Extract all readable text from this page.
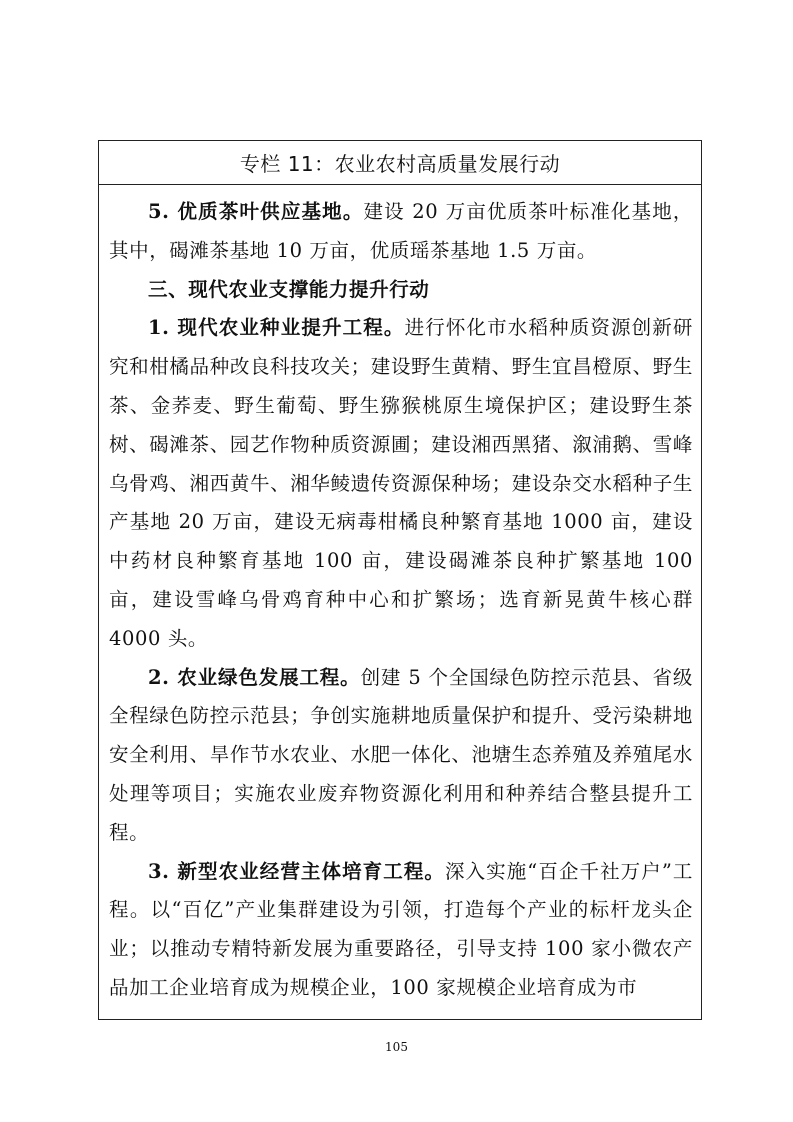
专栏 11：农业农村高质量发展行动

5. 优质茶叶供应基地。建设 20 万亩优质茶叶标准化基地，其中，碣滩茶基地 10 万亩，优质瑶茶基地 1.5 万亩。

三、现代农业支撑能力提升行动

1. 现代农业种业提升工程。进行怀化市水稻种质资源创新研究和柑橘品种改良科技攻关；建设野生黄精、野生宜昌橙原、野生茶、金荞麦、野生葡萄、野生猕猴桃原生境保护区；建设野生茶树、碣滩茶、园艺作物种质资源圃；建设湘西黑猪、溆浦鹅、雪峰乌骨鸡、湘西黄牛、湘华鲮遗传资源保种场；建设杂交水稻种子生产基地 20 万亩，建设无病毒柑橘良种繁育基地 1000 亩，建设中药材良种繁育基地 100 亩，建设碣滩茶良种扩繁基地 100 亩，建设雪峰乌骨鸡育种中心和扩繁场；选育新晃黄牛核心群 4000 头。

2. 农业绿色发展工程。创建 5 个全国绿色防控示范县、省级全程绿色防控示范县；争创实施耕地质量保护和提升、受污染耕地安全利用、旱作节水农业、水肥一体化、池塘生态养殖及养殖尾水处理等项目；实施农业废弃物资源化利用和种养结合整县提升工程。

3. 新型农业经营主体培育工程。深入实施“百企千社万户”工程。以“百亿”产业集群建设为引领，打造每个产业的标杆龙头企业；以推动专精特新发展为重要路径，引导支持 100 家小微农产品加工企业培育成为规模企业，100 家规模企业培育成为市

105
